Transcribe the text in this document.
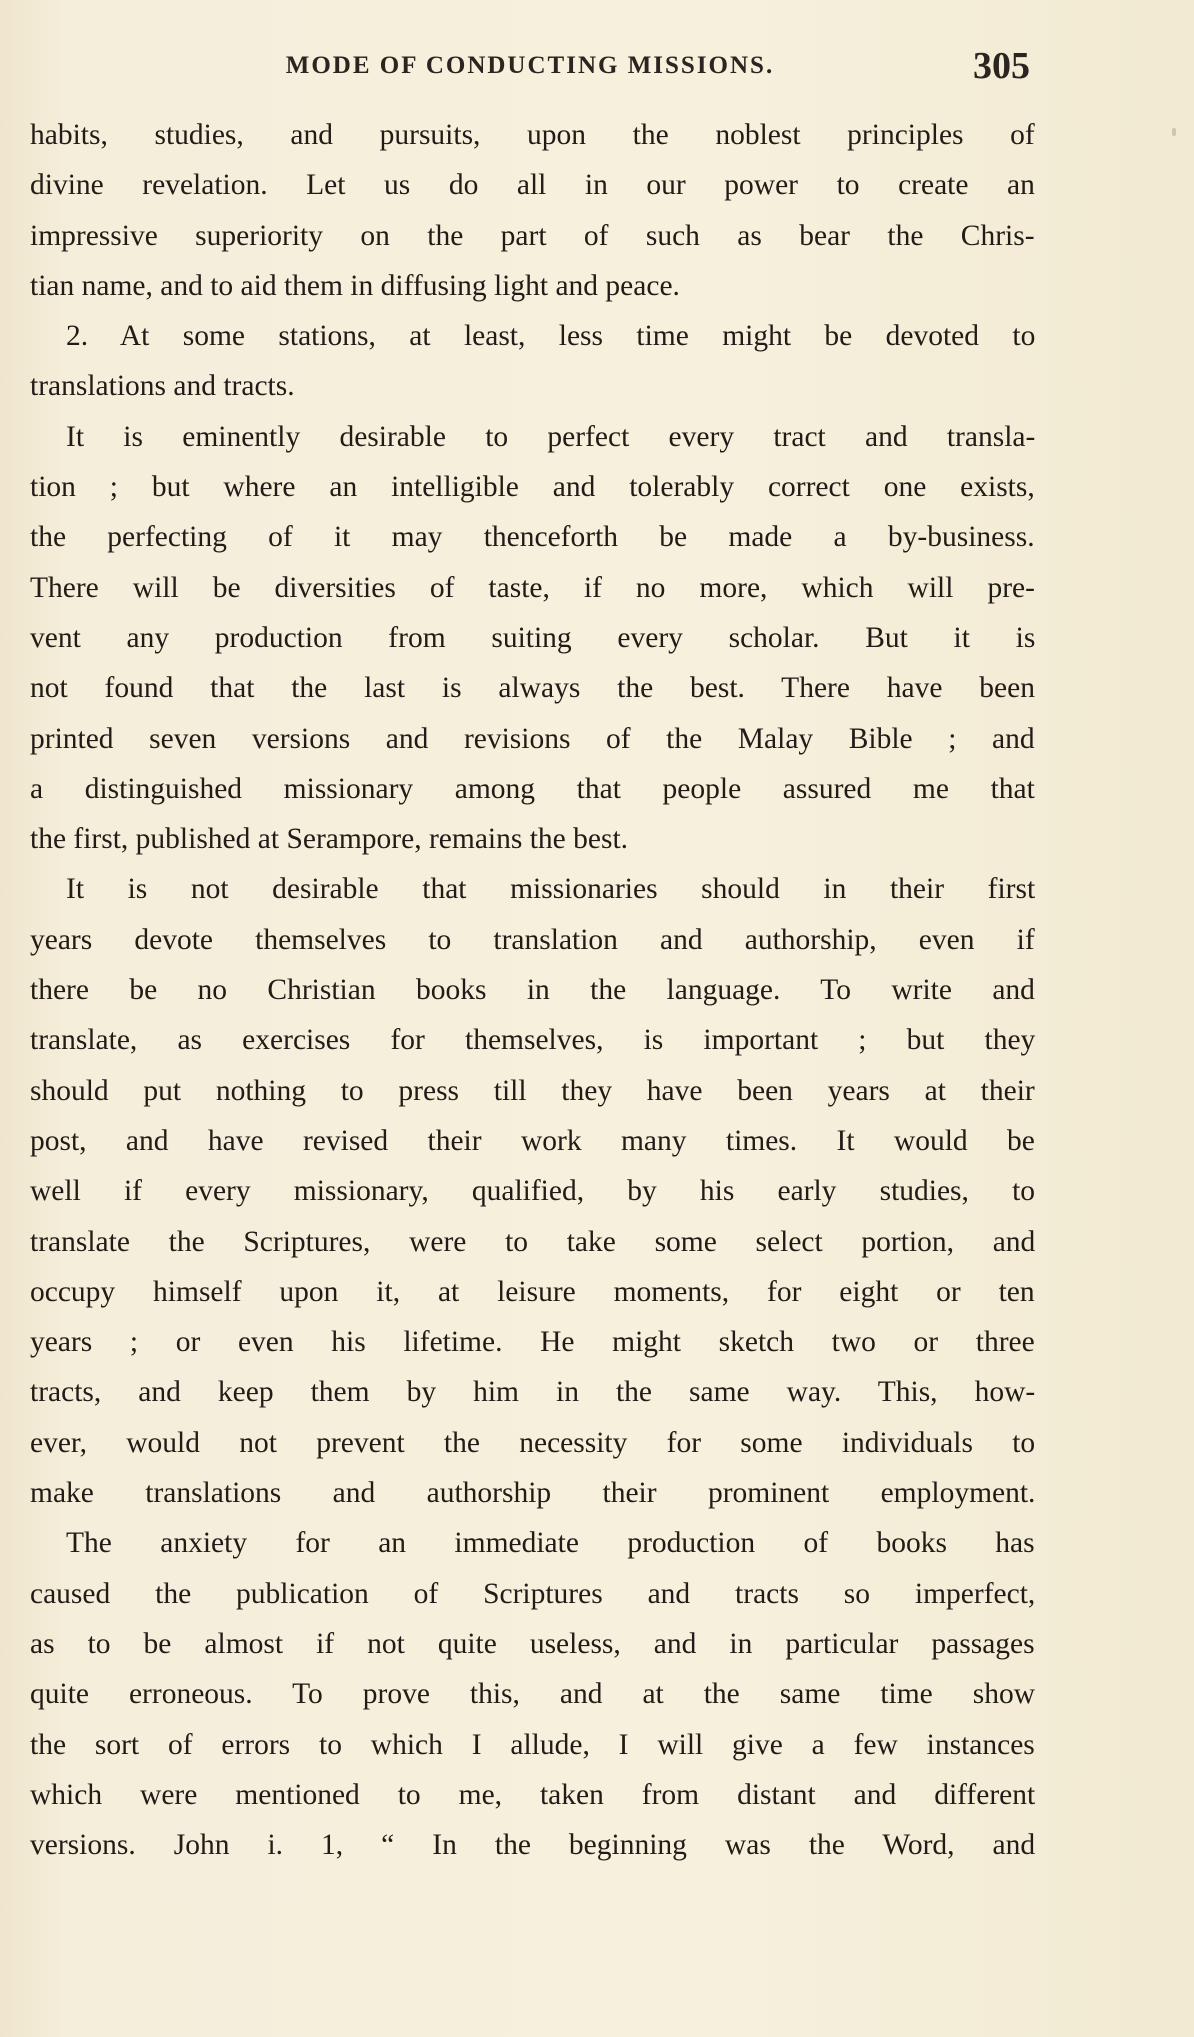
MODE OF CONDUCTING MISSIONS.	305
habits, studies, and pursuits, upon the noblest principles of
divine revelation. Let us do all in our power to create an
impressive superiority on the part of such as bear the Chris-
tian name, and to aid them in diffusing light and peace.
2. At some stations, at least, less time might be devoted to
translations and tracts.
It is eminently desirable to perfect every tract and transla-
tion ; but where an intelligible and tolerably correct one exists,
the perfecting of it may thenceforth be made a by-business.
There will be diversities of taste, if no more, which will pre-
vent any production from suiting every scholar. But it is
not found that the last is always the best. There have been
printed seven versions and revisions of the Malay Bible ; and
a distinguished missionary among that people assured me that
the first, published at Serampore, remains the best.
It is not desirable that missionaries should in their first
years devote themselves to translation and authorship, even if
there be no Christian books in the language. To write and
translate, as exercises for themselves, is important ; but they
should put nothing to press till they have been years at their
post, and have revised their work many times. It would be
well if every missionary, qualified, by his early studies, to
translate the Scriptures, were to take some select portion, and
occupy himself upon it, at leisure moments, for eight or ten
years ; or even his lifetime. He might sketch two or three
tracts, and keep them by him in the same way. This, how-
ever, would not prevent the necessity for some individuals to
make translations and authorship their prominent employment.
The anxiety for an immediate production of books has
caused the publication of Scriptures and tracts so imperfect,
as to be almost if not quite useless, and in particular passages
quite erroneous. To prove this, and at the same time show
the sort of errors to which I allude, I will give a few instances
which were mentioned to me, taken from distant and different
versions. John i. 1, “ In the beginning was the Word, and
